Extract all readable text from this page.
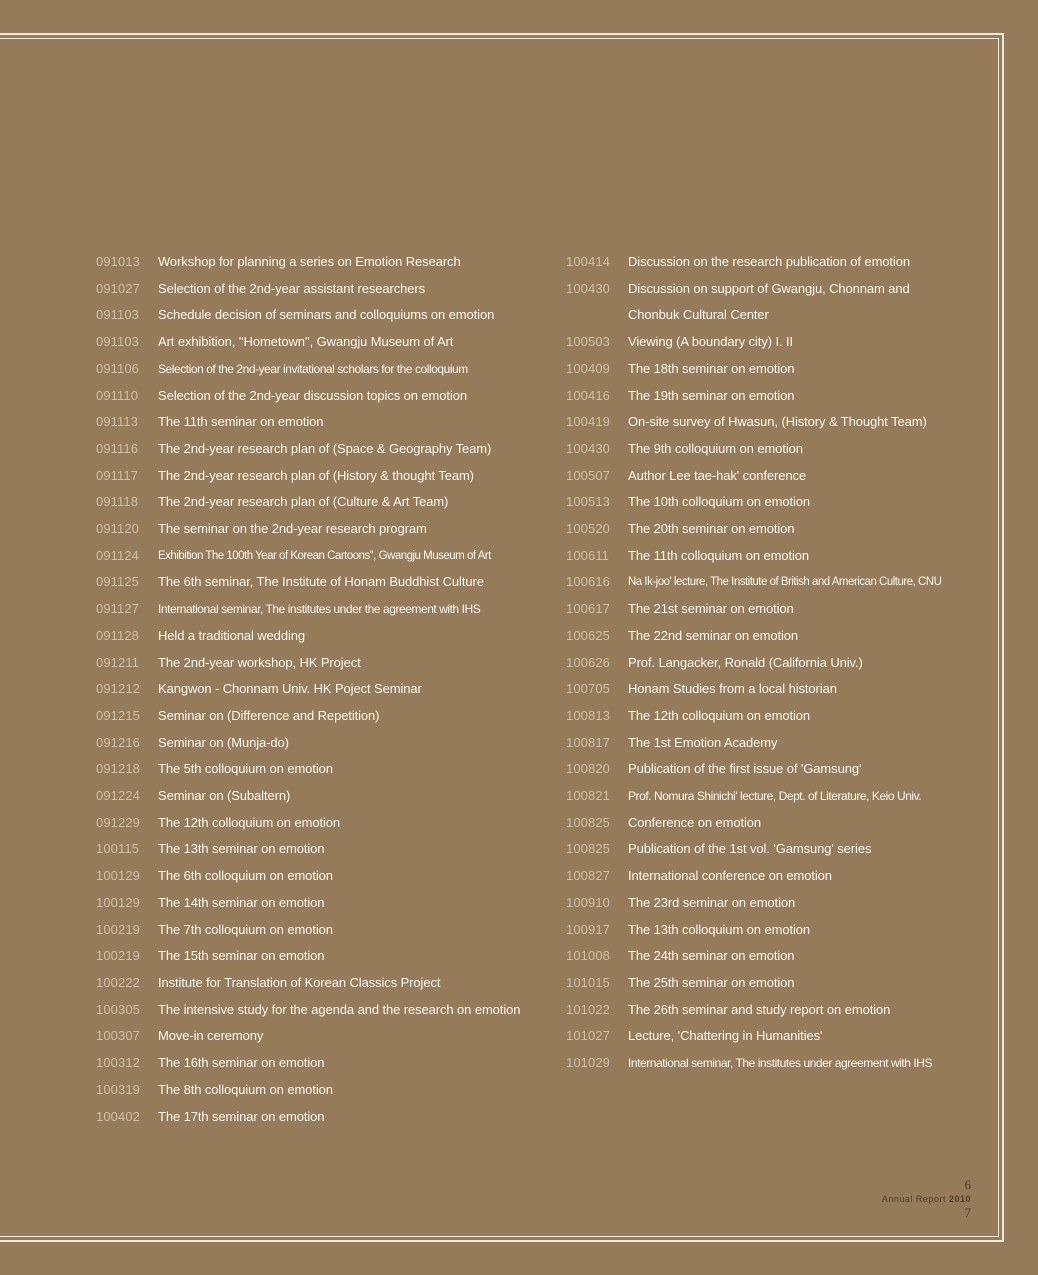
091013	Workshop for planning a series on Emotion Research
091027	Selection of the 2nd-year assistant researchers
091103	Schedule decision of seminars and colloquiums on emotion
091103	Art exhibition, ''Hometown'', Gwangju Museum of Art
091106	Selection of the 2nd-year invitational scholars for the colloquium
091110	Selection of the 2nd-year discussion topics on emotion
091113	The 11th seminar on emotion
091116	The 2nd-year research plan of (Space & Geography Team)
091117	The 2nd-year research plan of (History & thought Team)
091118	The 2nd-year research plan of (Culture & Art Team)
091120	The seminar on the 2nd-year research program
091124	Exhibition The 100th Year of Korean Cartoons'', Gwangju Museum of Art
091125	The 6th seminar, The Institute of Honam Buddhist Culture
091127	International seminar, The institutes under the agreement with IHS
091128	Held a traditional wedding
091211	The 2nd-year workshop, HK Project
091212	Kangwon - Chonnam Univ. HK Poject Seminar
091215	Seminar on (Difference and Repetition)
091216	Seminar on (Munja-do)
091218	The 5th colloquium on emotion
091224	Seminar on (Subaltern)
091229	The 12th colloquium on emotion
100115	The 13th seminar on emotion
100129	The 6th colloquium on emotion
100129	The 14th seminar on emotion
100219	The 7th colloquium on emotion
100219	The 15th seminar on emotion
100222	Institute for Translation of Korean Classics Project
100305	The intensive study for the agenda and the research on emotion
100307	Move-in ceremony
100312	The 16th seminar on emotion
100319	The 8th colloquium on emotion
100402	The 17th seminar on emotion
100414	Discussion on the research publication of emotion
100430	Discussion on support of Gwangju, Chonnam and
Chonbuk Cultural Center
100503	Viewing (A boundary city) I. II
100409	The 18th seminar on emotion
100416	The 19th seminar on emotion
100419	On-site survey of Hwasun, (History & Thought Team)
100430	The 9th colloquium on emotion
100507	Author Lee tae-hak' conference
100513	The 10th colloquium on emotion
100520	The 20th seminar on emotion
100611	The 11th colloquium on emotion
100616	Na Ik-joo' lecture, The Institute of British and American Culture, CNU
100617	The 21st seminar on emotion
100625	The 22nd seminar on emotion
100626	Prof. Langacker, Ronald (California Univ.)
100705	Honam Studies from a local historian
100813	The 12th colloquium on emotion
100817	The 1st Emotion Academy
100820	Publication of the first issue of 'Gamsung'
100821	Prof. Nomura Shinichi' lecture, Dept. of Literature, Keio Univ.
100825	Conference on emotion
100825	Publication of the 1st vol. 'Gamsung' series
100827	International conference on emotion
100910	The 23rd seminar on emotion
100917	The 13th colloquium on emotion
101008	The 24th seminar on emotion
101015	The 25th seminar on emotion
101022	The 26th seminar and study report on emotion
101027	Lecture, 'Chattering in Humanities'
101029	International seminar, The institutes under agreement with IHS
6
Annual Report 2010
7
